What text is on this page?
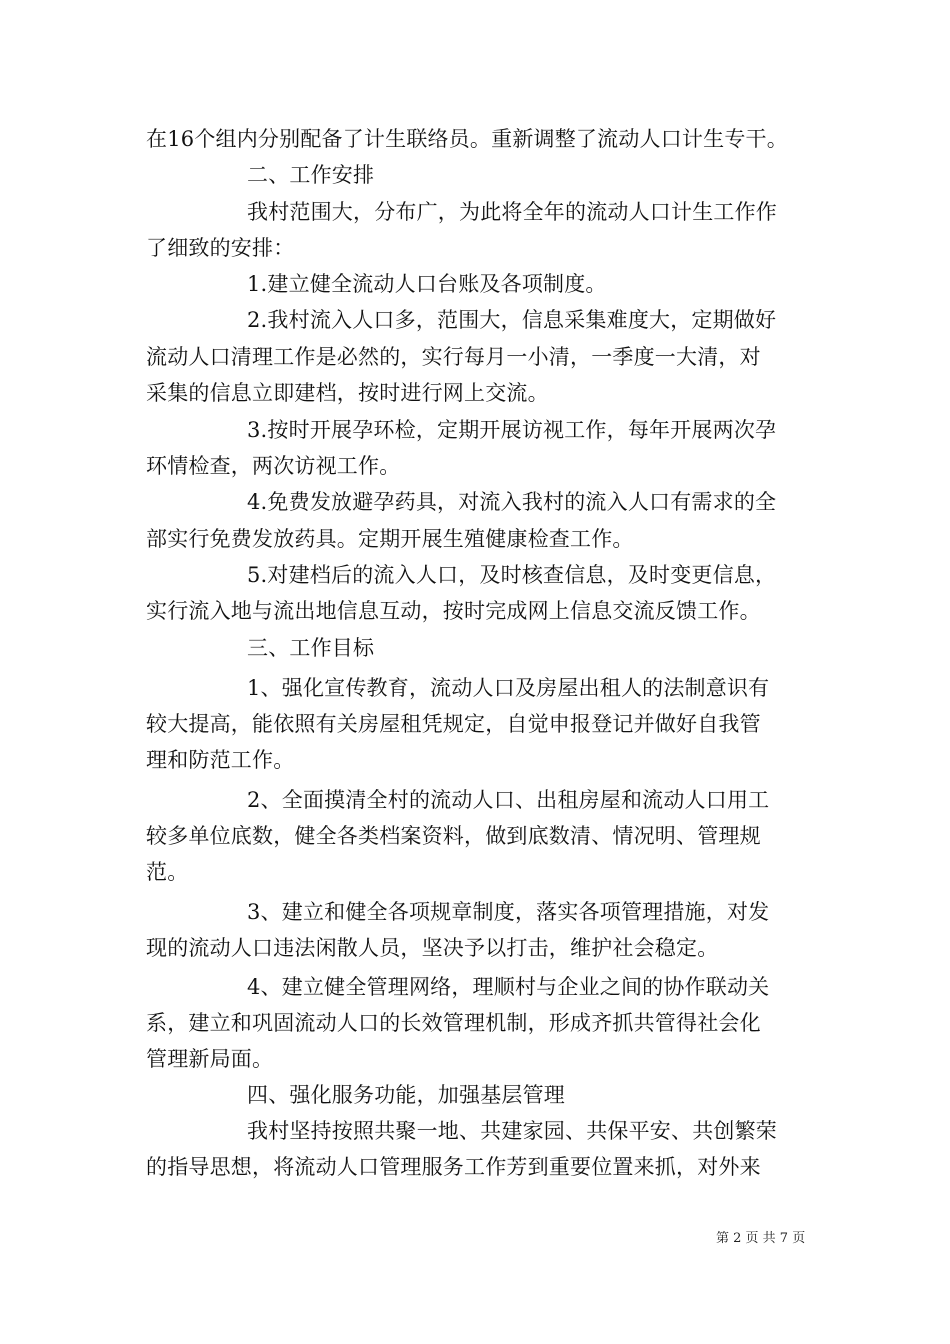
在16个组内分别配备了计生联络员。重新调整了流动人口计生专干。
二、工作安排
我村范围大，分布广，为此将全年的流动人口计生工作作
了细致的安排：
1.建立健全流动人口台账及各项制度。
2.我村流入人口多，范围大，信息采集难度大，定期做好
流动人口清理工作是必然的，实行每月一小清，一季度一大清，对
采集的信息立即建档，按时进行网上交流。
3.按时开展孕环检，定期开展访视工作，每年开展两次孕
环情检查，两次访视工作。
4.免费发放避孕药具，对流入我村的流入人口有需求的全
部实行免费发放药具。定期开展生殖健康检查工作。
5.对建档后的流入人口，及时核查信息，及时变更信息，
实行流入地与流出地信息互动，按时完成网上信息交流反馈工作。
三、工作目标
1、强化宣传教育，流动人口及房屋出租人的法制意识有
较大提高，能依照有关房屋租凭规定，自觉申报登记并做好自我管
理和防范工作。
2、全面摸清全村的流动人口、出租房屋和流动人口用工
较多单位底数，健全各类档案资料，做到底数清、情况明、管理规
范。
3、建立和健全各项规章制度，落实各项管理措施，对发
现的流动人口违法闲散人员，坚决予以打击，维护社会稳定。
4、建立健全管理网络，理顺村与企业之间的协作联动关
系，建立和巩固流动人口的长效管理机制，形成齐抓共管得社会化
管理新局面。
四、强化服务功能，加强基层管理
我村坚持按照共聚一地、共建家园、共保平安、共创繁荣
的指导思想，将流动人口管理服务工作芳到重要位置来抓，对外来
第 2 页 共 7 页
